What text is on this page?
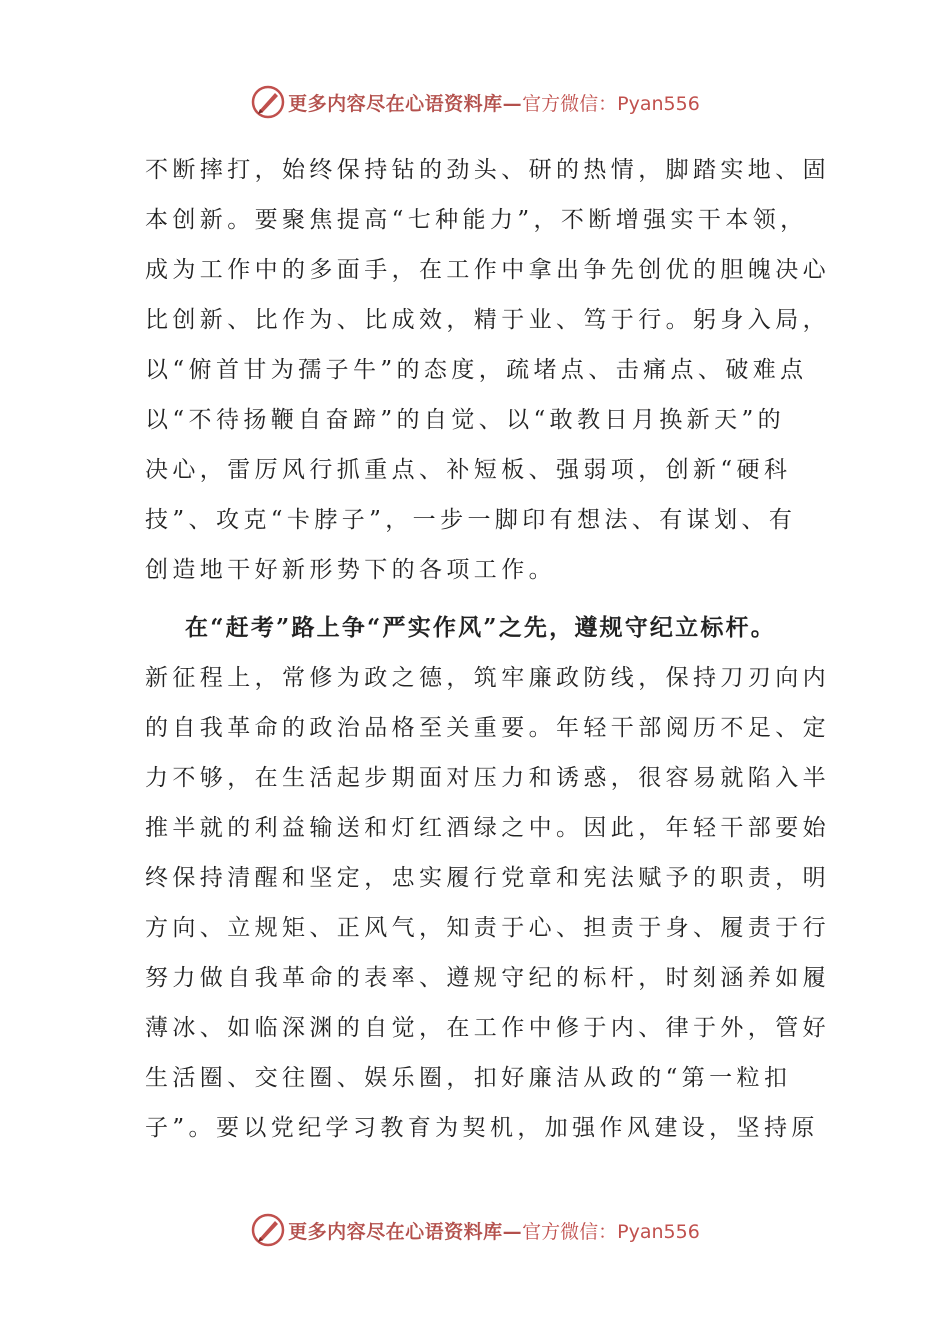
更多内容尽在心语资料库— 官方微信：Pyan556
不断摔打，始终保持钻的劲头、研的热情，脚踏实地、固
本创新。要聚焦提高“七种能力”，不断增强实干本领，
成为工作中的多面手，在工作中拿出争先创优的胆魄决心
比创新、比作为、比成效，精于业、笃于行。躬身入局，
以“俯首甘为孺子牛”的态度，疏堵点、击痛点、破难点
以“不待扬鞭自奋蹄”的自觉、以“敢教日月换新天”的
决心，雷厉风行抓重点、补短板、强弱项，创新“硬科
技”、攻克“卡脖子”，一步一脚印有想法、有谋划、有
创造地干好新形势下的各项工作。
在“赶考”路上争“严实作风”之先，遵规守纪立标杆。
新征程上，常修为政之德，筑牢廉政防线，保持刀刃向内
的自我革命的政治品格至关重要。年轻干部阅历不足、定
力不够，在生活起步期面对压力和诱惑，很容易就陷入半
推半就的利益输送和灯红酒绿之中。因此，年轻干部要始
终保持清醒和坚定，忠实履行党章和宪法赋予的职责，明
方向、立规矩、正风气，知责于心、担责于身、履责于行
努力做自我革命的表率、遵规守纪的标杆，时刻涵养如履
薄冰、如临深渊的自觉，在工作中修于内、律于外，管好
生活圈、交往圈、娱乐圈，扣好廉洁从政的“第一粒扣
子”。要以党纪学习教育为契机，加强作风建设，坚持原
更多内容尽在心语资料库— 官方微信：Pyan556
